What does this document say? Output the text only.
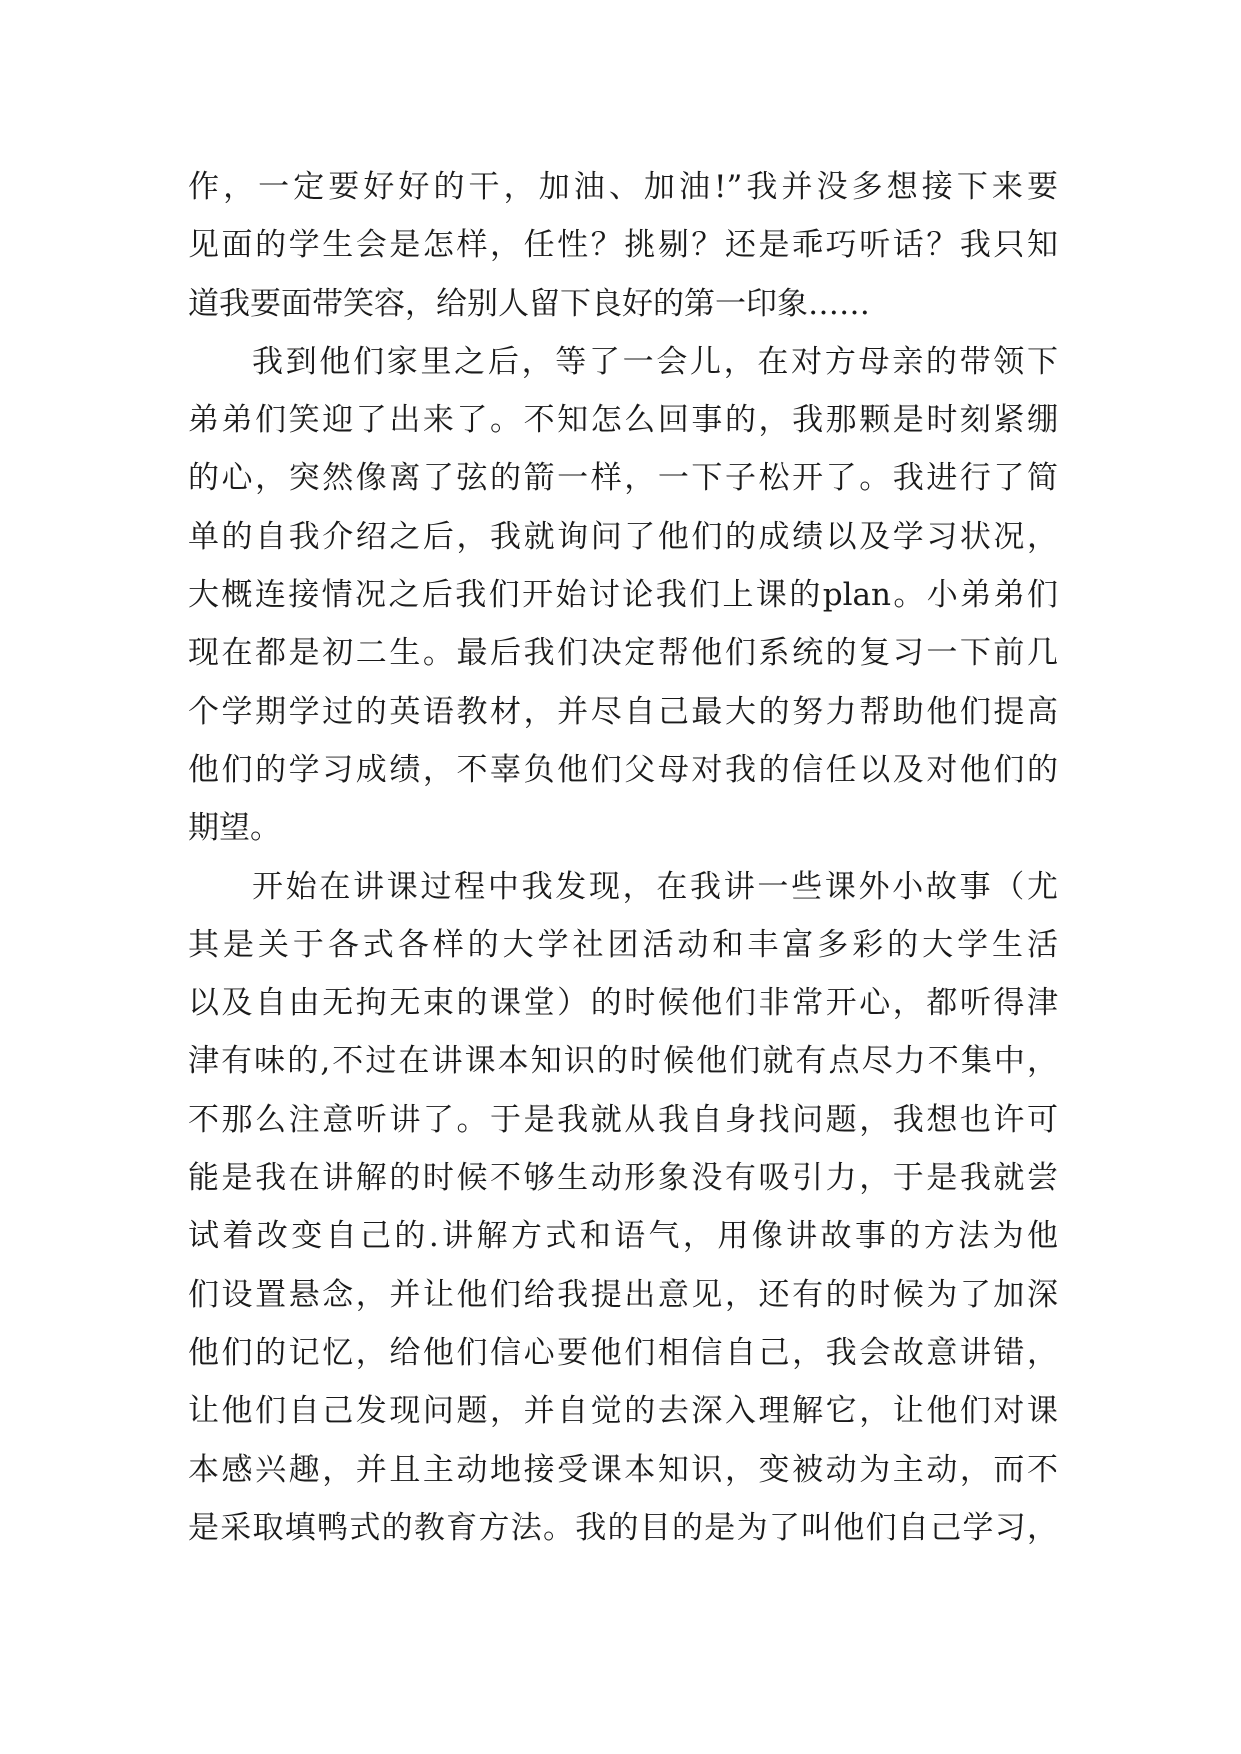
作，一定要好好的干，加油、加油!”我并没多想接下来要
见面的学生会是怎样，任性？挑剔？还是乖巧听话？我只知
道我要面带笑容，给别人留下良好的第一印象……
我到他们家里之后，等了一会儿，在对方母亲的带领下
弟弟们笑迎了出来了。不知怎么回事的，我那颗是时刻紧绷
的心，突然像离了弦的箭一样，一下子松开了。我进行了简
单的自我介绍之后，我就询问了他们的成绩以及学习状况，
大概连接情况之后我们开始讨论我们上课的plan。小弟弟们
现在都是初二生。最后我们决定帮他们系统的复习一下前几
个学期学过的英语教材，并尽自己最大的努力帮助他们提高
他们的学习成绩，不辜负他们父母对我的信任以及对他们的
期望。
开始在讲课过程中我发现，在我讲一些课外小故事（尤
其是关于各式各样的大学社团活动和丰富多彩的大学生活
以及自由无拘无束的课堂）的时候他们非常开心，都听得津
津有味的,不过在讲课本知识的时候他们就有点尽力不集中，
不那么注意听讲了。于是我就从我自身找问题，我想也许可
能是我在讲解的时候不够生动形象没有吸引力，于是我就尝
试着改变自己的.讲解方式和语气，用像讲故事的方法为他
们设置悬念，并让他们给我提出意见，还有的时候为了加深
他们的记忆，给他们信心要他们相信自己，我会故意讲错，
让他们自己发现问题，并自觉的去深入理解它，让他们对课
本感兴趣，并且主动地接受课本知识，变被动为主动，而不
是采取填鸭式的教育方法。我的目的是为了叫他们自己学习，
